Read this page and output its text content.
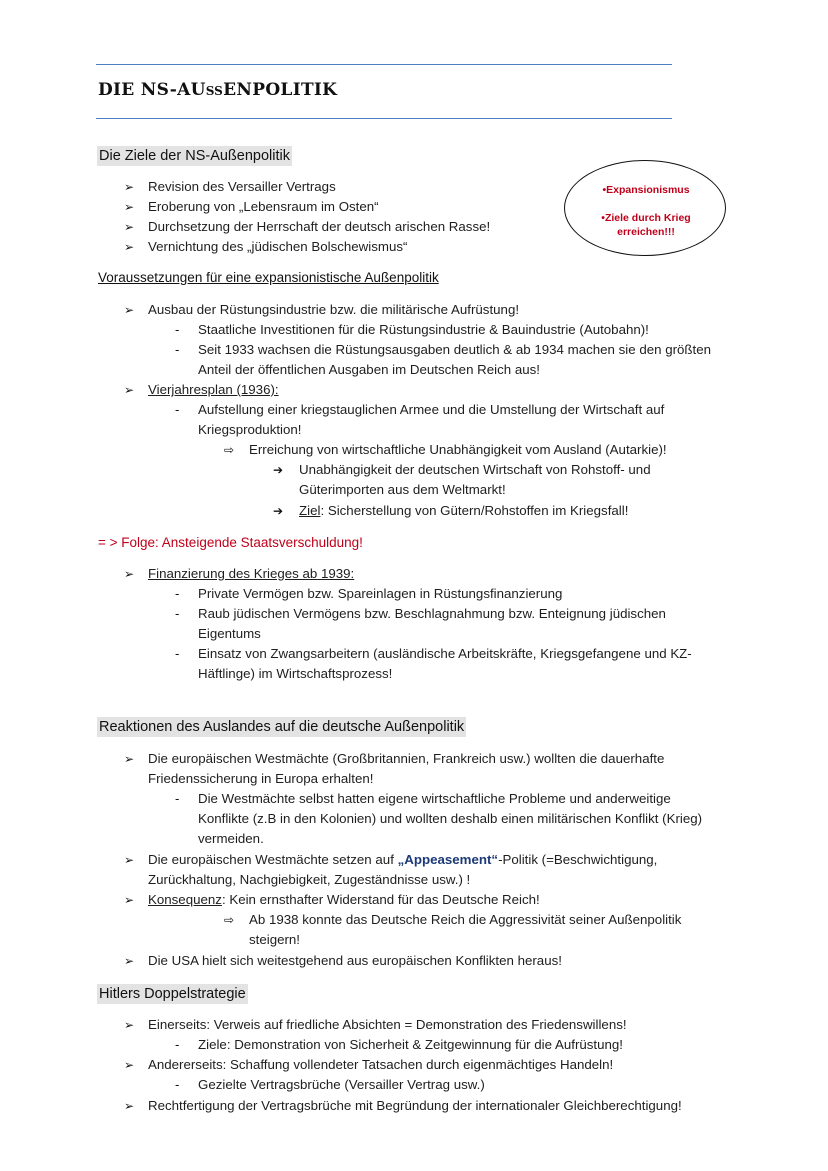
DIE NS-AUßENPOLITIK
Die Ziele der NS-Außenpolitik
➢ Revision des Versailler Vertrags
➢ Eroberung von „Lebensraum im Osten“
➢ Durchsetzung der Herrschaft der deutsch arischen Rasse!
➢ Vernichtung des „jüdischen Bolschewismus“
•Expansionismus
•Ziele durch Krieg
erreichen!!!
Voraussetzungen für eine expansionistische Außenpolitik
➢ Ausbau der Rüstungsindustrie bzw. die militärische Aufrüstung!
- Staatliche Investitionen für die Rüstungsindustrie & Bauindustrie (Autobahn)!
- Seit 1933 wachsen die Rüstungsausgaben deutlich & ab 1934 machen sie den größten
Anteil der öffentlichen Ausgaben im Deutschen Reich aus!
➢ Vierjahresplan (1936):
- Aufstellung einer kriegstauglichen Armee und die Umstellung der Wirtschaft auf
Kriegsproduktion!
⇨ Erreichung von wirtschaftliche Unabhängigkeit vom Ausland (Autarkie)!
➔ Unabhängigkeit der deutschen Wirtschaft von Rohstoff- und
Güterimporten aus dem Weltmarkt!
➔ Ziel: Sicherstellung von Gütern/Rohstoffen im Kriegsfall!
= > Folge: Ansteigende Staatsverschuldung!
➢ Finanzierung des Krieges ab 1939:
- Private Vermögen bzw. Spareinlagen in Rüstungsfinanzierung
- Raub jüdischen Vermögens bzw. Beschlagnahmung bzw. Enteignung jüdischen
Eigentums
- Einsatz von Zwangsarbeitern (ausländische Arbeitskräfte, Kriegsgefangene und KZ-
Häftlinge) im Wirtschaftsprozess!
Reaktionen des Auslandes auf die deutsche Außenpolitik
➢ Die europäischen Westmächte (Großbritannien, Frankreich usw.) wollten die dauerhafte
Friedenssicherung in Europa erhalten!
- Die Westmächte selbst hatten eigene wirtschaftliche Probleme und anderweitige
Konflikte (z.B in den Kolonien) und wollten deshalb einen militärischen Konflikt (Krieg)
vermeiden.
➢ Die europäischen Westmächte setzen auf „Appeasement“-Politik (=Beschwichtigung,
Zurückhaltung, Nachgiebigkeit, Zugeständnisse usw.) !
➢ Konsequenz: Kein ernsthafter Widerstand für das Deutsche Reich!
⇨ Ab 1938 konnte das Deutsche Reich die Aggressivität seiner Außenpolitik
steigern!
➢ Die USA hielt sich weitestgehend aus europäischen Konflikten heraus!
Hitlers Doppelstrategie
➢ Einerseits: Verweis auf friedliche Absichten = Demonstration des Friedenswillens!
- Ziele: Demonstration von Sicherheit & Zeitgewinnung für die Aufrüstung!
➢ Andererseits: Schaffung vollendeter Tatsachen durch eigenmächtiges Handeln!
- Gezielte Vertragsbrüche (Versailler Vertrag usw.)
➢ Rechtfertigung der Vertragsbrüche mit Begründung der internationaler Gleichberechtigung!
